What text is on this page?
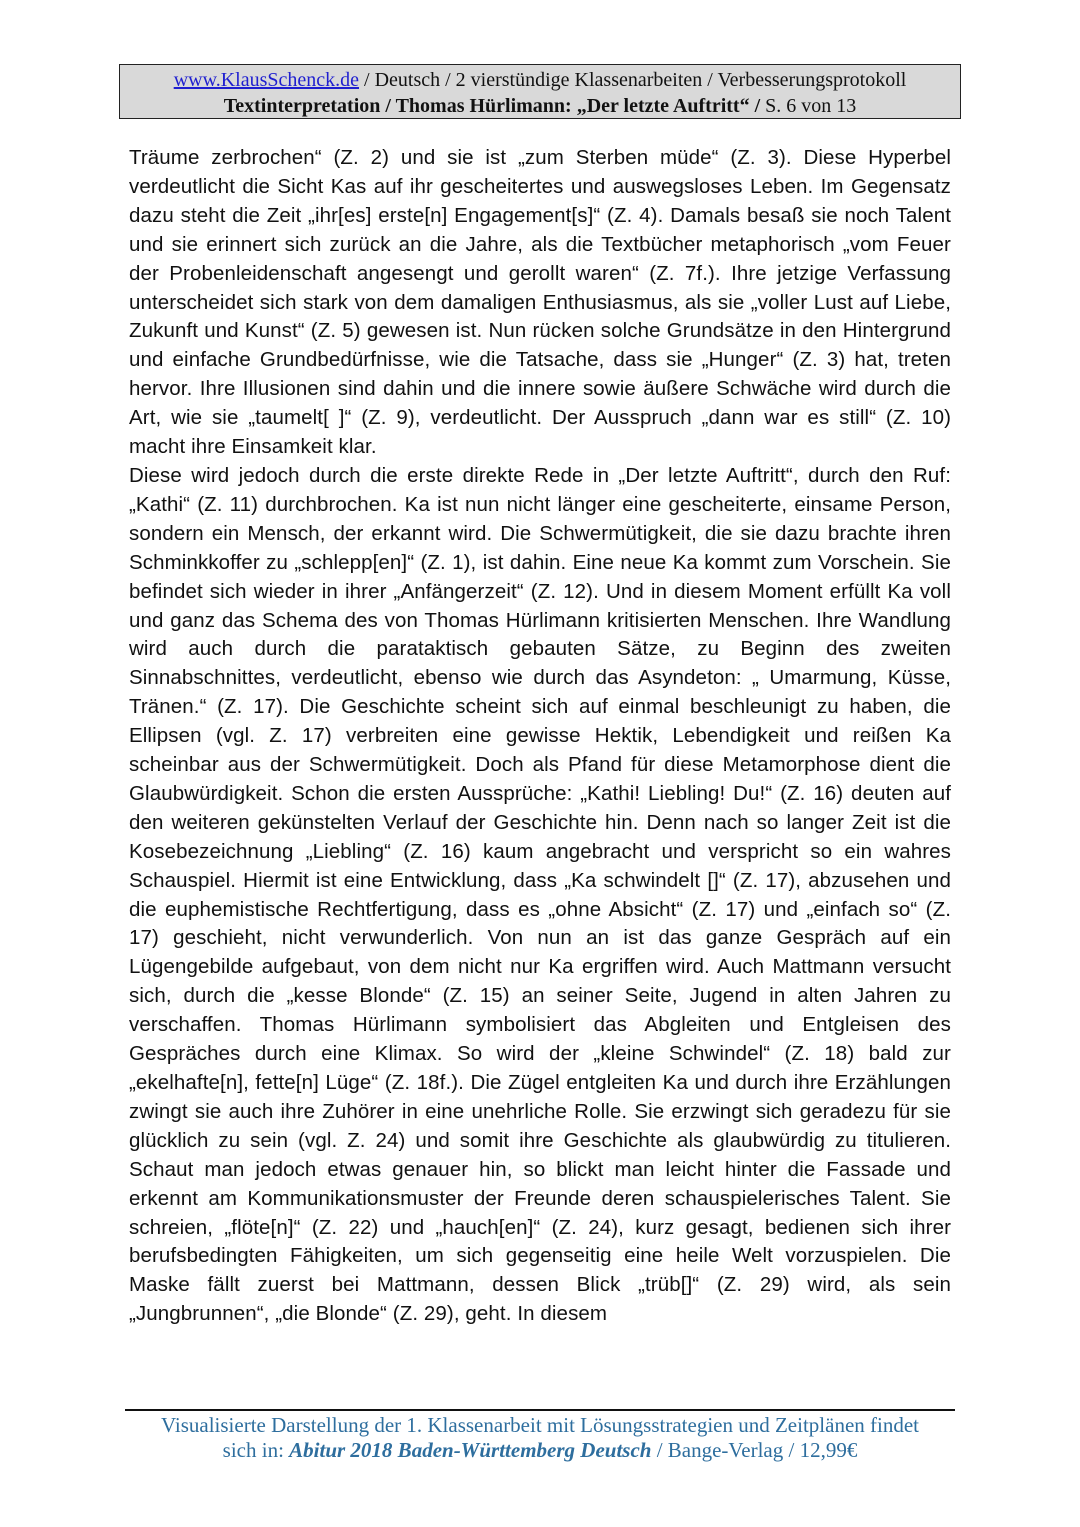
www.KlausSchenck.de / Deutsch / 2 vierstündige Klassenarbeiten / Verbesserungsprotokoll
Textinterpretation / Thomas Hürlimann: „Der letzte Auftritt“ / S. 6 von 13

Träume zerbrochen“ (Z. 2) und sie ist „zum Sterben müde“ (Z. 3). Diese Hyperbel verdeutlicht die Sicht Kas auf ihr gescheitertes und auswegsloses Leben. Im Gegensatz dazu steht die Zeit „ihr[es] erste[n] Engagement[s]“ (Z. 4). Damals besaß sie noch Talent und sie erinnert sich zurück an die Jahre, als die Textbücher metaphorisch „vom Feuer der Probenleidenschaft angesengt und gerollt waren“ (Z. 7f.). Ihre jetzige Verfassung unterscheidet sich stark von dem damaligen Enthusiasmus, als sie „voller Lust auf Liebe, Zukunft und Kunst“ (Z. 5) gewesen ist. Nun rücken solche Grundsätze in den Hintergrund und einfache Grundbedürfnisse, wie die Tatsache, dass sie „Hunger“ (Z. 3) hat, treten hervor. Ihre Illusionen sind dahin und die innere sowie äußere Schwäche wird durch die Art, wie sie „taumelt[ ]“ (Z. 9), verdeutlicht. Der Ausspruch „dann war es still“ (Z. 10) macht ihre Einsamkeit klar.

Diese wird jedoch durch die erste direkte Rede in „Der letzte Auftritt“, durch den Ruf: „Kathi“ (Z. 11) durchbrochen. Ka ist nun nicht länger eine gescheiterte, einsame Person, sondern ein Mensch, der erkannt wird. Die Schwermütigkeit, die sie dazu brachte ihren Schminkkoffer zu „schlepp[en]“ (Z. 1), ist dahin. Eine neue Ka kommt zum Vorschein. Sie befindet sich wieder in ihrer „Anfängerzeit“ (Z. 12). Und in diesem Moment erfüllt Ka voll und ganz das Schema des von Thomas Hürlimann kritisierten Menschen. Ihre Wandlung wird auch durch die parataktisch gebauten Sätze, zu Beginn des zweiten Sinnabschnittes, verdeutlicht, ebenso wie durch das Asyndeton: „ Umarmung, Küsse, Tränen.“ (Z. 17). Die Geschichte scheint sich auf einmal beschleunigt zu haben, die Ellipsen (vgl. Z. 17) verbreiten eine gewisse Hektik, Lebendigkeit und reißen Ka scheinbar aus der Schwermütigkeit. Doch als Pfand für diese Metamorphose dient die Glaubwürdigkeit. Schon die ersten Aussprüche: „Kathi! Liebling! Du!“ (Z. 16) deuten auf den weiteren gekünstelten Verlauf der Geschichte hin. Denn nach so langer Zeit ist die Kosebezeichnung „Liebling“ (Z. 16) kaum angebracht und verspricht so ein wahres Schauspiel. Hiermit ist eine Entwicklung, dass „Ka schwindelt []“ (Z. 17), abzusehen und die euphemistische Rechtfertigung, dass es „ohne Absicht“ (Z. 17) und „einfach so“ (Z. 17) geschieht, nicht verwunderlich. Von nun an ist das ganze Gespräch auf ein Lügengebilde aufgebaut, von dem nicht nur Ka ergriffen wird. Auch Mattmann versucht sich, durch die „kesse Blonde“ (Z. 15) an seiner Seite, Jugend in alten Jahren zu verschaffen. Thomas Hürlimann symbolisiert das Abgleiten und Entgleisen des Gespräches durch eine Klimax. So wird der „kleine Schwindel“ (Z. 18) bald zur „ekelhafte[n], fette[n] Lüge“ (Z. 18f.). Die Zügel entgleiten Ka und durch ihre Erzählungen zwingt sie auch ihre Zuhörer in eine unehrliche Rolle. Sie erzwingt sich geradezu für sie glücklich zu sein (vgl. Z. 24) und somit ihre Geschichte als glaubwürdig zu titulieren. Schaut man jedoch etwas genauer hin, so blickt man leicht hinter die Fassade und erkennt am Kommunikationsmuster der Freunde deren schauspielerisches Talent. Sie schreien, „flöte[n]“ (Z. 22) und „hauch[en]“ (Z. 24), kurz gesagt, bedienen sich ihrer berufsbedingten Fähigkeiten, um sich gegenseitig eine heile Welt vorzuspielen. Die Maske fällt zuerst bei Mattmann, dessen Blick „trüb[]“ (Z. 29) wird, als sein „Jungbrunnen“, „die Blonde“ (Z. 29), geht. In diesem

Visualisierte Darstellung der 1. Klassenarbeit mit Lösungsstrategien und Zeitplänen findet
sich in: Abitur 2018 Baden-Württemberg Deutsch / Bange-Verlag / 12,99€
